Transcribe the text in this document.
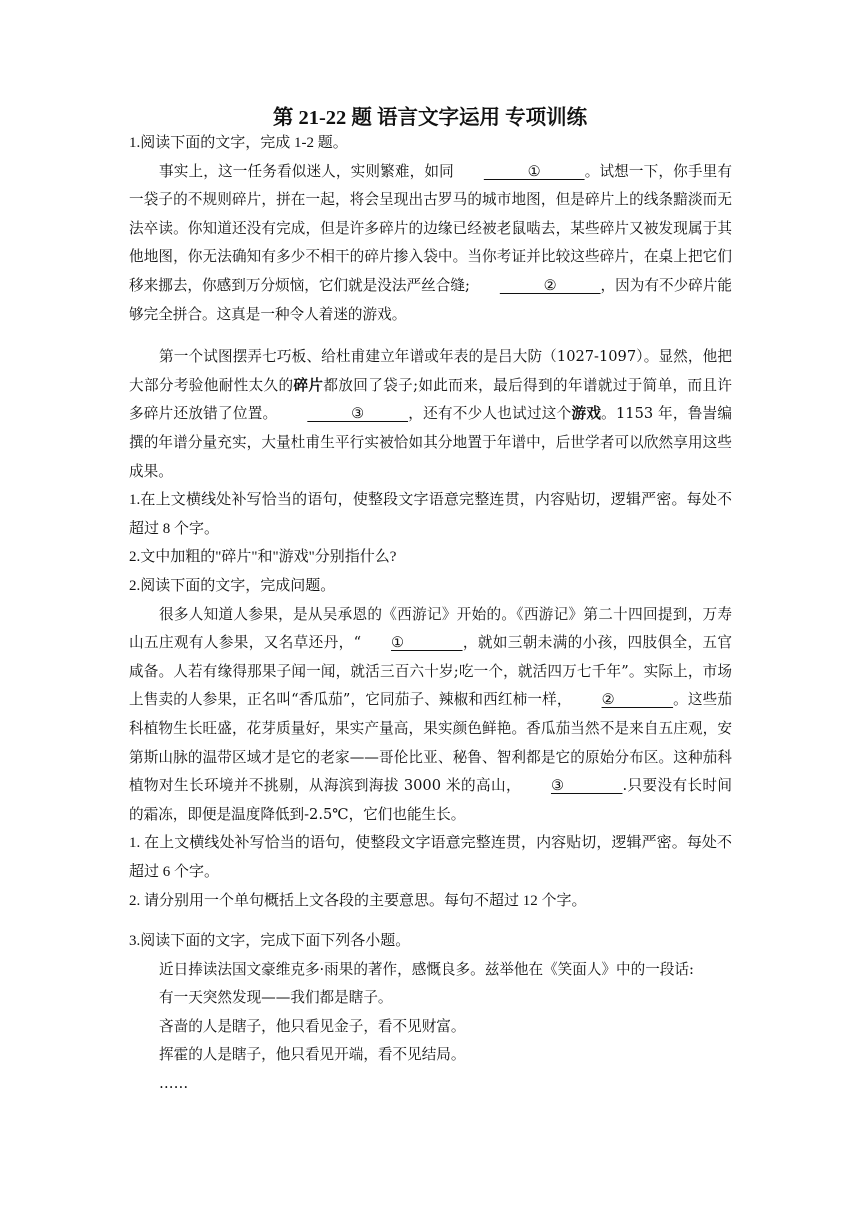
第 21-22 题 语言文字运用 专项训练

1.阅读下面的文字，完成 1-2 题。

事实上，这一任务看似迷人，实则繁难，如同 ______①______。试想一下，你手里有一袋子的不规则碎片，拼在一起，将会呈现出古罗马的城市地图，但是碎片上的线条黯淡而无法卒读。你知道还没有完成，但是许多碎片的边缘已经被老鼠啮去，某些碎片又被发现属于其他地图，你无法确知有多少不相干的碎片掺入袋中。当你考证并比较这些碎片，在桌上把它们移来挪去，你感到万分烦恼，它们就是没法严丝合缝; ______②______，因为有不少碎片能够完全拼合。这真是一种令人着迷的游戏。

第一个试图摆弄七巧板、给杜甫建立年谱或年表的是吕大防（1027-1097）。显然，他把大部分考验他耐性太久的碎片都放回了袋子;如此而来，最后得到的年谱就过于简单，而且许多碎片还放错了位置。 ______③______，还有不少人也试过这个游戏。1153 年，鲁訔编撰的年谱分量充实，大量杜甫生平行实被恰如其分地置于年谱中，后世学者可以欣然享用这些成果。

1.在上文横线处补写恰当的语句，使整段文字语意完整连贯，内容贴切，逻辑严密。每处不超过 8 个字。

2.文中加粗的"碎片"和"游戏"分别指什么?

2.阅读下面的文字，完成问题。

很多人知道人参果，是从吴承恩的《西游记》开始的。《西游记》第二十四回提到，万寿山五庄观有人参果，又名草还丹，“ ①________，就如三朝未满的小孩，四肢俱全，五官咸备。人若有缘得那果子闻一闻，就活三百六十岁;吃一个，就活四万七千年”。实际上，市场上售卖的人参果，正名叫“香瓜茄”，它同茄子、辣椒和西红柿一样， ②________。这些茄科植物生长旺盛，花芽质量好，果实产量高，果实颜色鲜艳。香瓜茄当然不是来自五庄观，安第斯山脉的温带区域才是它的老家——哥伦比亚、秘鲁、智利都是它的原始分布区。这种茄科植物对生长环境并不挑剔，从海滨到海拔 3000 米的高山， ③________.只要没有长时间的霜冻，即便是温度降低到-2.5℃，它们也能生长。

1. 在上文横线处补写恰当的语句，使整段文字语意完整连贯，内容贴切，逻辑严密。每处不超过 6 个字。

2. 请分别用一个单句概括上文各段的主要意思。每句不超过 12 个字。

3.阅读下面的文字，完成下面下列各小题。

近日捧读法国文豪维克多·雨果的著作，感慨良多。兹举他在《笑面人》中的一段话:

有一天突然发现——我们都是瞎子。

吝啬的人是瞎子，他只看见金子，看不见财富。

挥霍的人是瞎子，他只看见开端，看不见结局。

……
